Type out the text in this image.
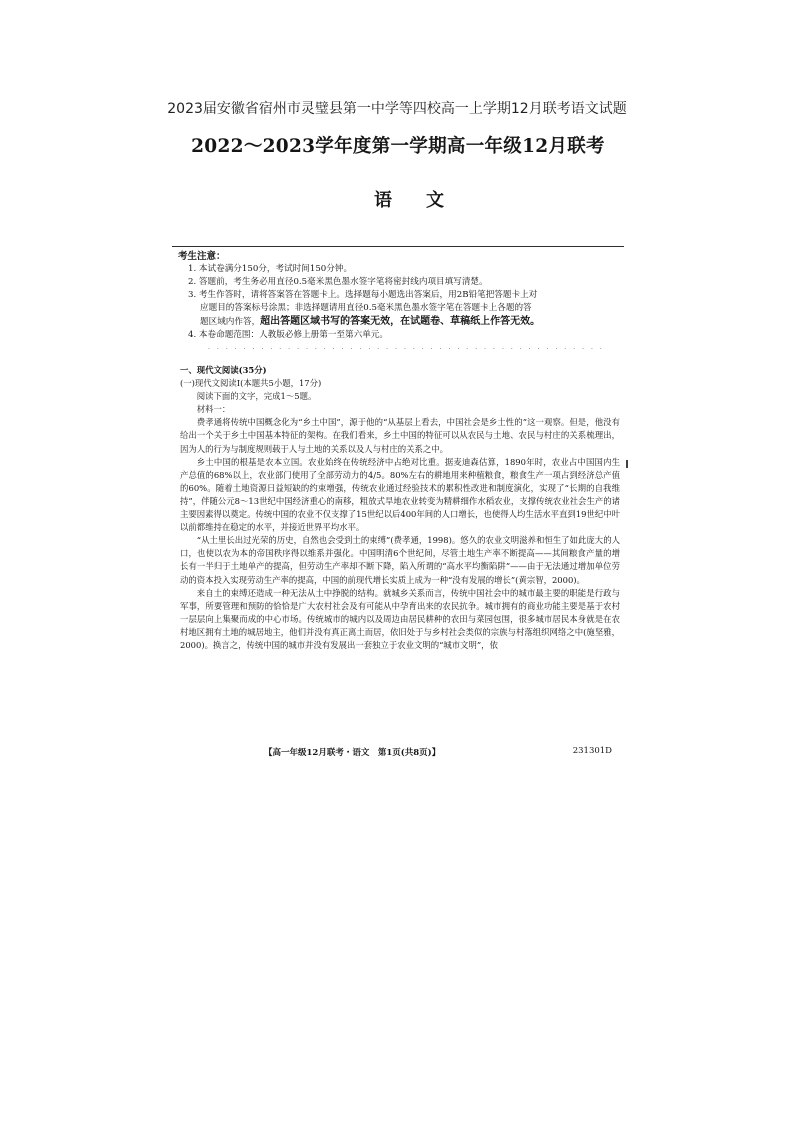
2023届安徽省宿州市灵璧县第一中学等四校高一上学期12月联考语文试题
2022～2023学年度第一学期高一年级12月联考
语文
考生注意：
1. 本试卷满分150分，考试时间150分钟。
2. 答题前，考生务必用直径0.5毫米黑色墨水签字笔将密封线内项目填写清楚。
3. 考生作答时，请将答案答在答题卡上。选择题每小题选出答案后，用2B铅笔把答题卡上对
应题目的答案标号涂黑；非选择题请用直径0.5毫米黑色墨水签字笔在答题卡上各题的答
题区域内作答，超出答题区域书写的答案无效，在试题卷、草稿纸上作答无效。
4. 本卷命题范围：人教版必修上册第一至第六单元。
·············································
一、现代文阅读(35分)
(一)现代文阅读Ⅰ(本题共5小题，17分)
阅读下面的文字，完成1～5题。
材料一：
费孝通将传统中国概念化为“乡土中国”，源于他的“从基层上看去，中国社会是乡土性的”这一观察。但是，他没有给出一个关于乡土中国基本特征的架构。在我们看来，乡土中国的特征可以从农民与土地、农民与村庄的关系梳理出，因为人的行为与制度规则载于人与土地的关系以及人与村庄的关系之中。
乡土中国的根基是农本立国。农业始终在传统经济中占绝对比重。据麦迪森估算，1890年时，农业占中国国内生产总值的68%以上，农业部门使用了全部劳动力的4/5。80%左右的耕地用来种植粮食，粮食生产一项占到经济总产值的60%。随着土地资源日益短缺的约束增强，传统农业通过经验技术的累积性改进和制度演化，实现了“长期的自我维持”，伴随公元8～13世纪中国经济重心的南移，粗放式旱地农业转变为精耕细作水稻农业，支撑传统农业社会生产的诸主要因素得以奠定。传统中国的农业不仅支撑了15世纪以后400年间的人口增长，也使得人均生活水平直到19世纪中叶以前都维持在稳定的水平，并接近世界平均水平。
“从土里长出过光荣的历史，自然也会受到土的束缚”(费孝通，1998)。悠久的农业文明滋养和恒生了如此庞大的人口，也使以农为本的帝国秩序得以维系并强化。中国明清6个世纪间，尽管土地生产率不断提高——其间粮食产量的增长有一半归于土地单产的提高，但劳动生产率却不断下降，陷入所谓的“高水平均衡陷阱”——由于无法通过增加单位劳动的资本投入实现劳动生产率的提高，中国的前现代增长实质上成为一种“没有发展的增长”(黄宗智，2000)。
来自土的束缚还造成一种无法从土中挣脱的结构。就城乡关系而言，传统中国社会中的城市最主要的职能是行政与军事，所要管理和预防的恰恰是广大农村社会及有可能从中孕育出来的农民抗争。城市拥有的商业功能主要是基于农村一层层向上集聚而成的中心市场。传统城市的城内以及周边由居民耕种的农田与菜园包围，很多城市居民本身就是在农村地区拥有土地的城居地主，他们并没有真正离土而居，依旧处于与乡村社会类似的宗族与村落组织网络之中(施坚雅，2000)。换言之，传统中国的城市并没有发展出一套独立于农业文明的“城市文明”，依
【高一年级12月联考・语文　第1页(共8页)】	231301D
